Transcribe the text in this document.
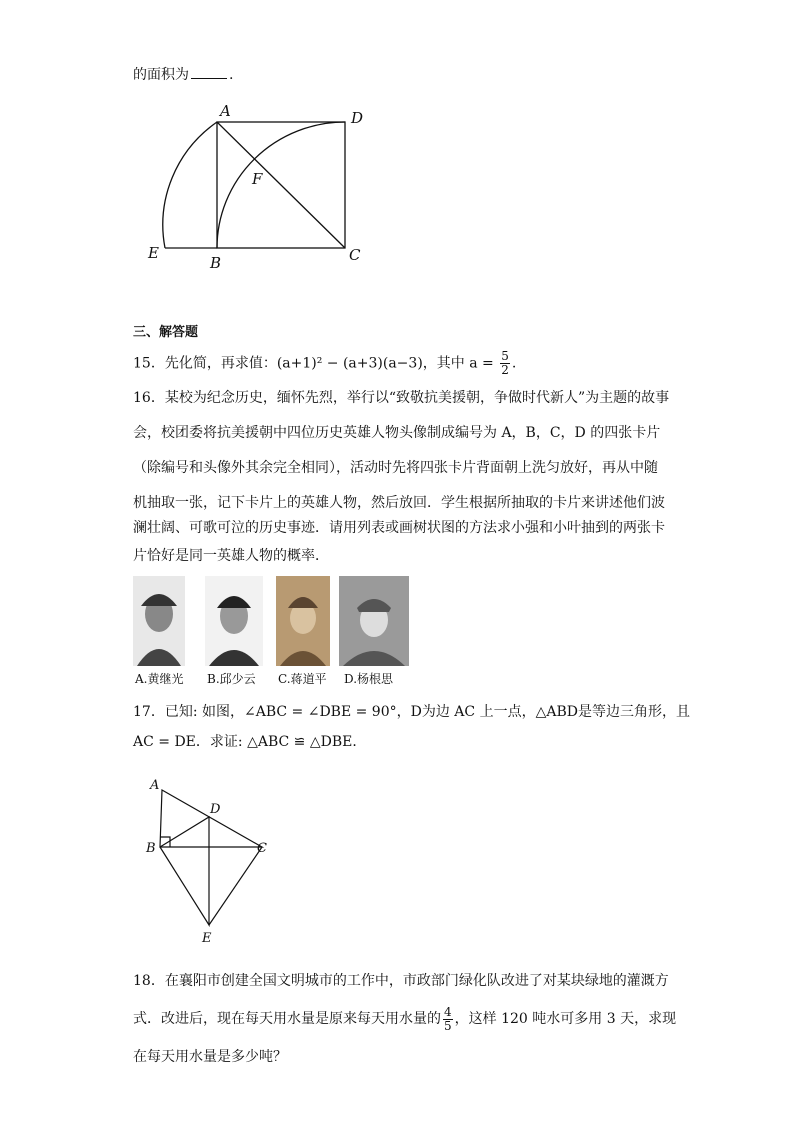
的面积为	.
A	D
F
E
B	C
三、解答题
15．先化简，再求值：(a+1)² − (a+3)(a−3)，其中 $a = \frac{5}{2}$ .
16．某校为纪念历史，缅怀先烈，举行以“致敬抗美援朝，争做时代新人”为主题的故事
会，校团委将抗美援朝中四位历史英雄人物头像制成编号为 A，B，C，D 的四张卡片
（除编号和头像外其余完全相同），活动时先将四张卡片背面朝上洗匀放好，再从中随
机抽取一张，记下卡片上的英雄人物，然后放回．学生根据所抽取的卡片来讲述他们波
澜壮阔、可歌可泣的历史事迹．请用列表或画树状图的方法求小强和小叶抽到的两张卡
片恰好是同一英雄人物的概率．
A.黄继光 B.邱少云 C.蒋道平 D.杨根思
17．已知: 如图，∠ABC = ∠DBE = 90°，D为边 AC 上一点，△ABD是等边三角形，且
AC = DE．求证: △ABC ≌ △DBE．
A
D
B	C
E
18．在襄阳市创建全国文明城市的工作中，市政部门绿化队改进了对某块绿地的灌溉方
式．改进后，现在每天用水量是原来每天用水量的 $\frac{4}{5}$ ，这样 120 吨水可多用 3 天，求现
在每天用水量是多少吨？
